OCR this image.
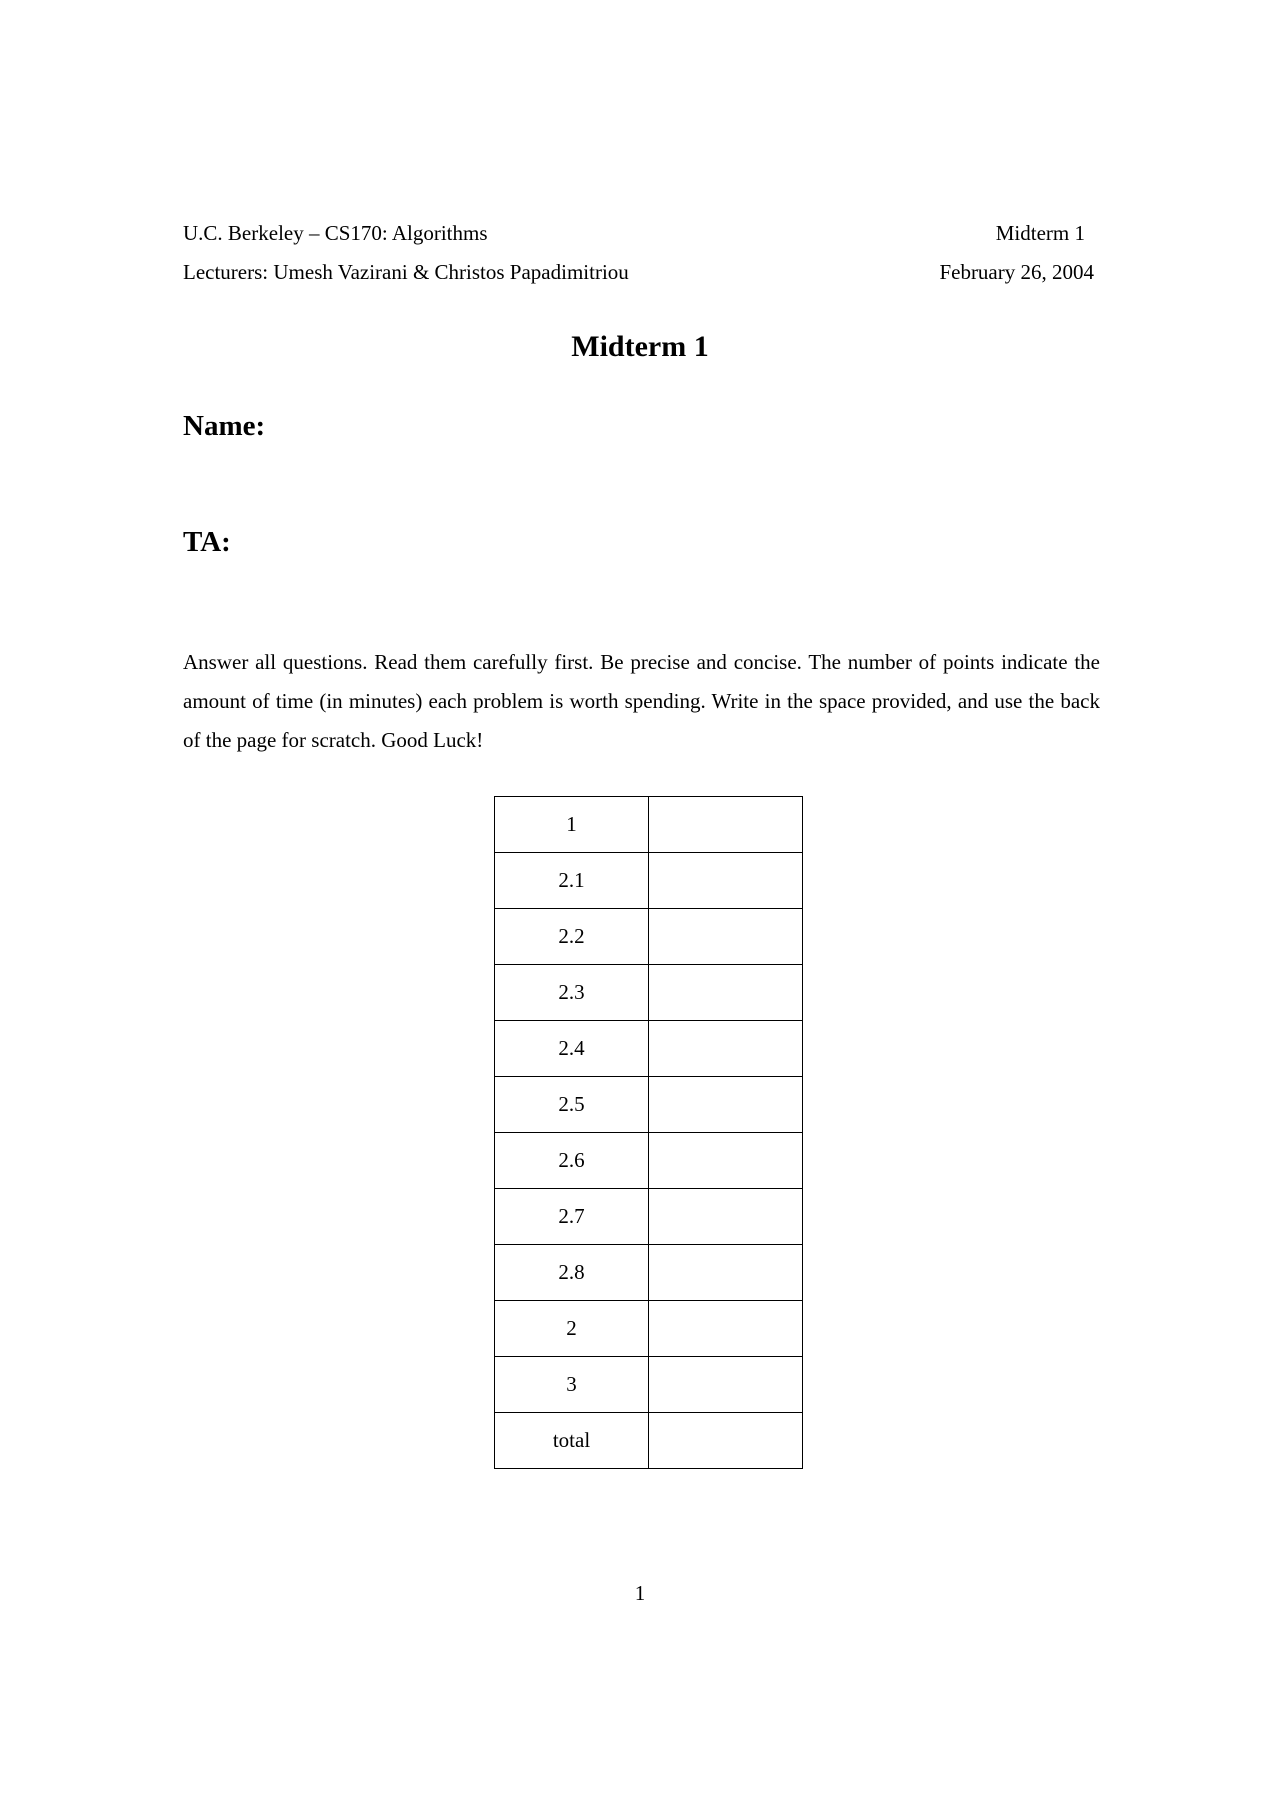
U.C. Berkeley – CS170: Algorithms
Lecturers: Umesh Vazirani & Christos Papadimitriou
Midterm 1
February 26, 2004
Midterm 1
Name:
TA:
Answer all questions. Read them carefully first. Be precise and concise. The number of points indicate the amount of time (in minutes) each problem is worth spending. Write in the space provided, and use the back of the page for scratch. Good Luck!
1	
2.1	
2.2	
2.3	
2.4	
2.5	
2.6	
2.7	
2.8	
2	
3	
total	
1
